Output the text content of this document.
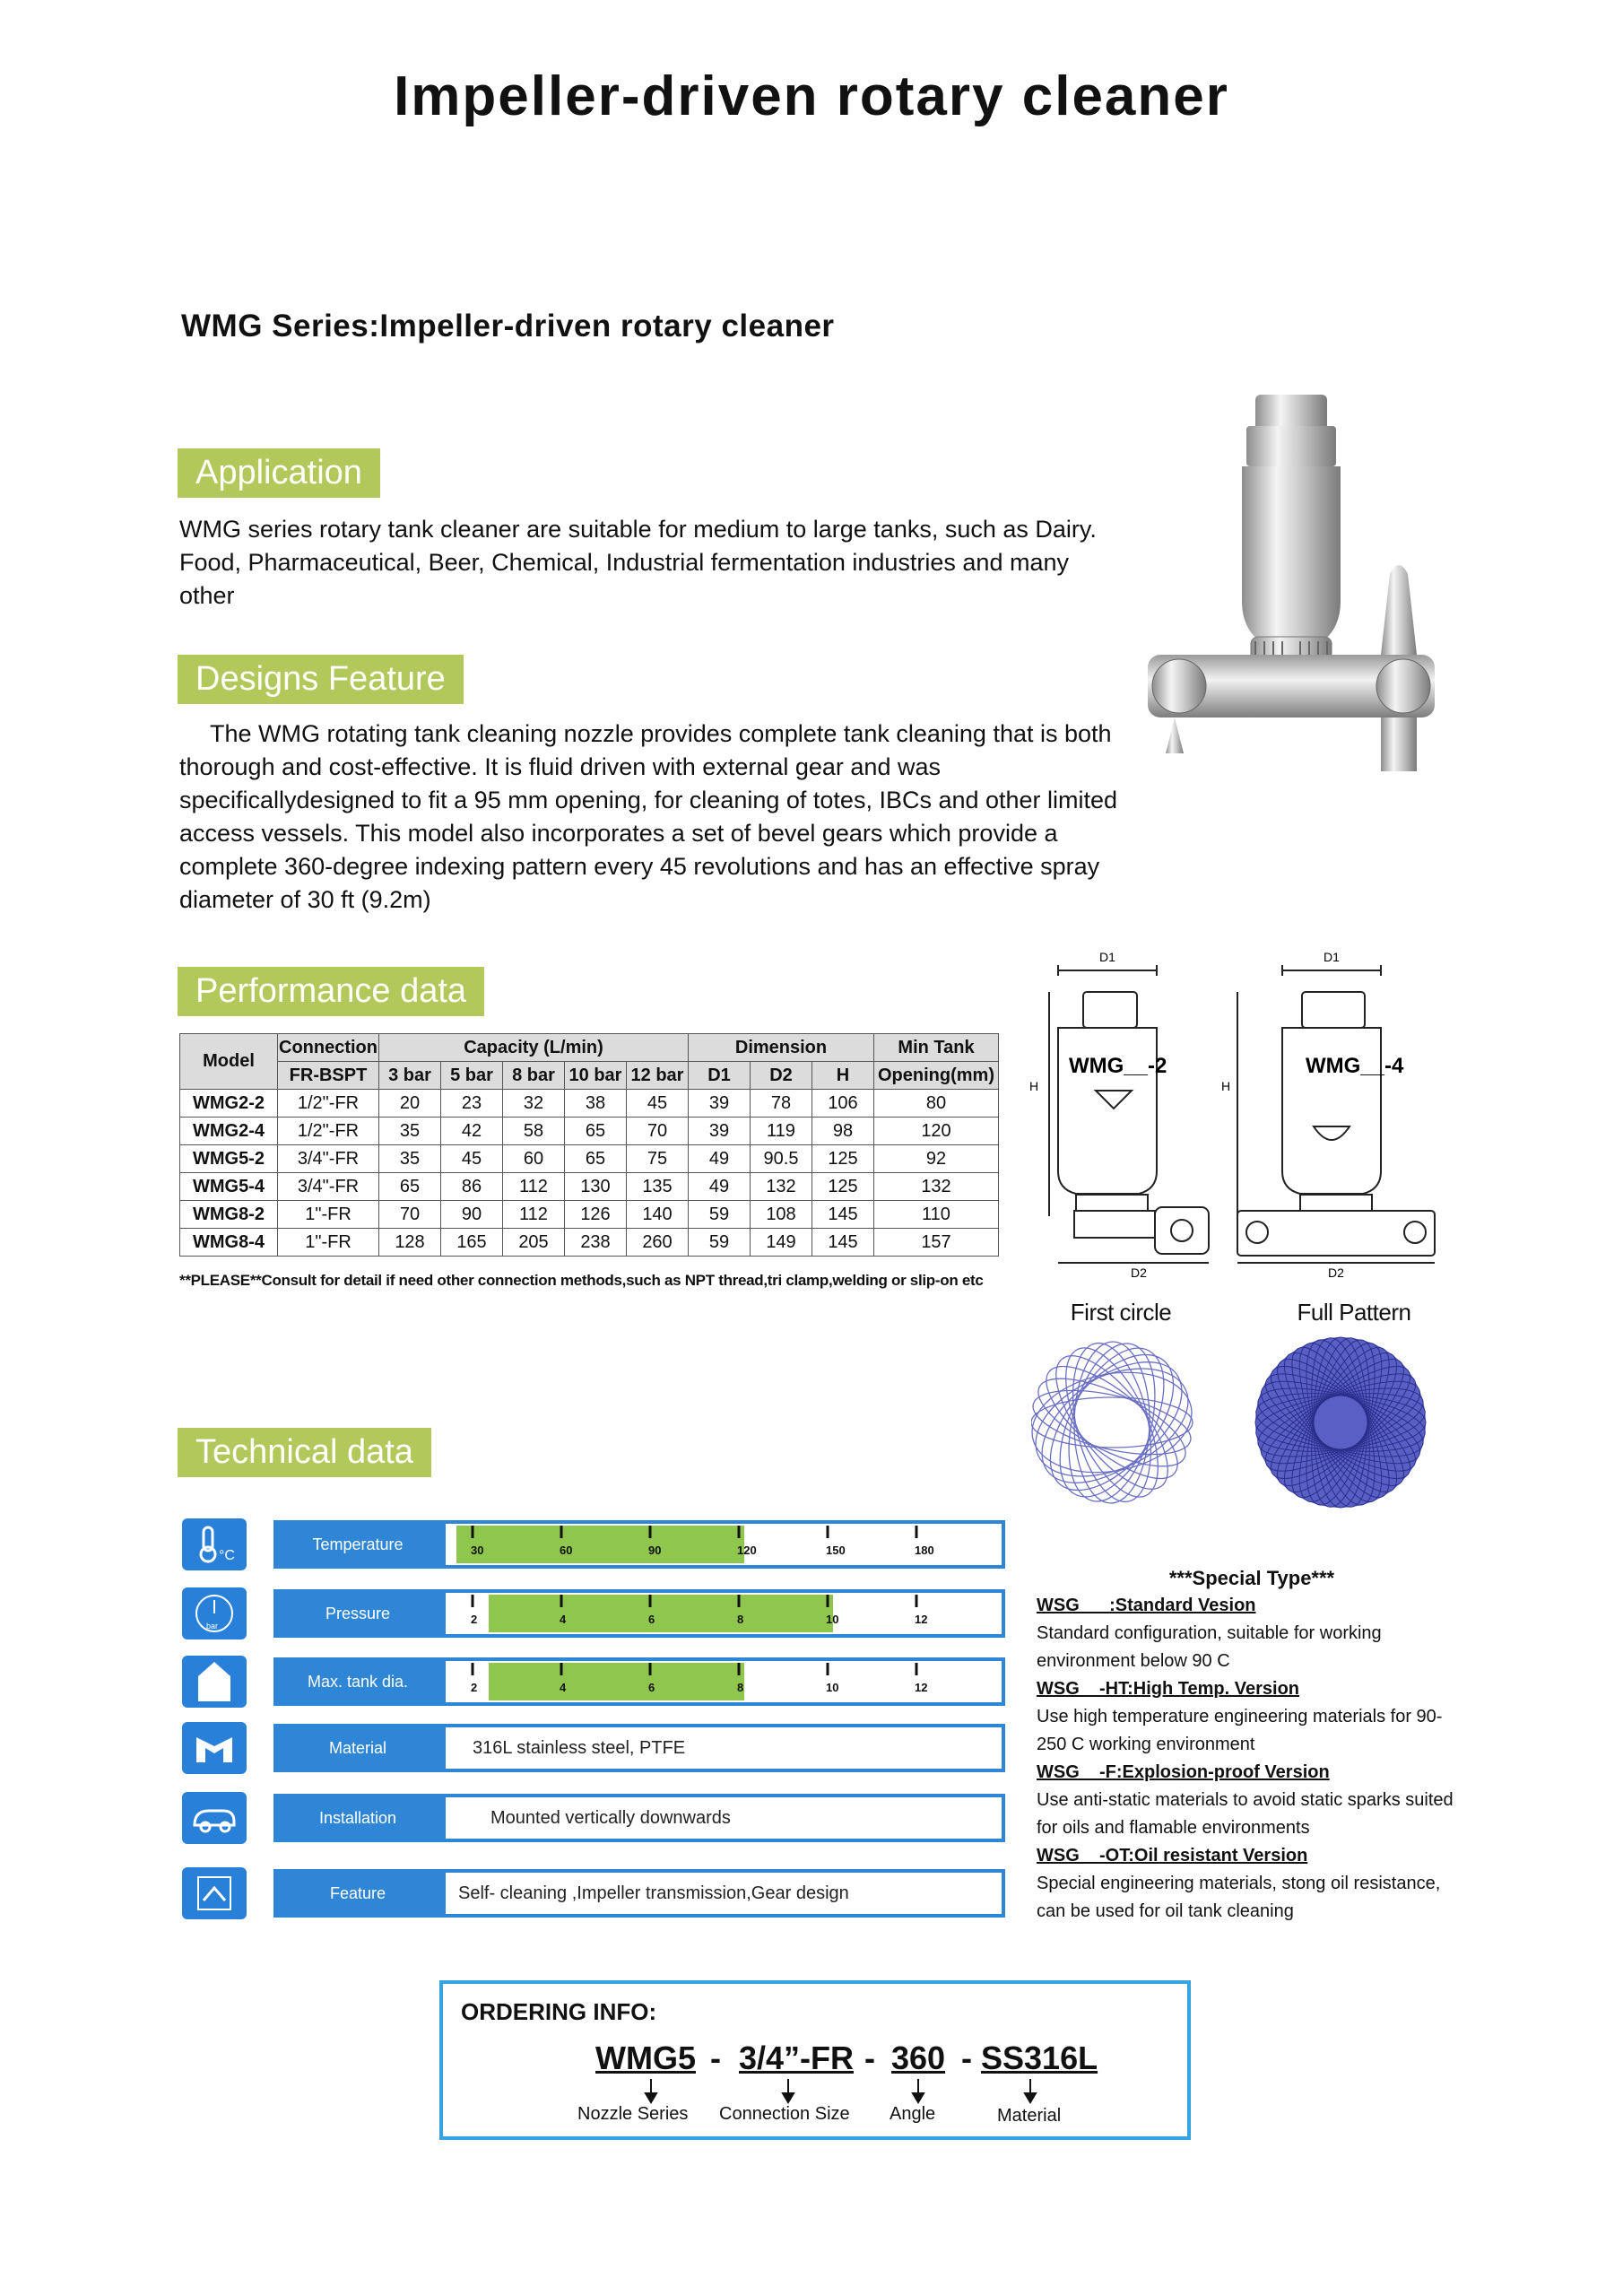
Impeller-driven rotary cleaner
WMG Series:Impeller-driven rotary cleaner
Application
WMG series rotary tank cleaner are suitable for medium to large tanks, such as Dairy. Food, Pharmaceutical, Beer, Chemical, Industrial fermentation industries and many other
Designs Feature
The WMG rotating tank cleaning nozzle provides complete tank cleaning that is both thorough and cost-effective. It is fluid driven with external gear and was specificallydesigned to fit a 95 mm opening, for cleaning of totes, IBCs and other limited access vessels. This model also incorporates a set of bevel gears which provide a complete 360-degree indexing pattern every 45 revolutions and has an effective spray diameter of 30 ft (9.2m)
Performance data
Model	Connection	Capacity (L/min)					Dimension			Min Tank
	FR-BSPT	3 bar	5 bar	8 bar	10 bar	12 bar	D1	D2	H	Opening(mm)
WMG2-2	1/2"-FR	20	23	32	38	45	39	78	106	80
WMG2-4	1/2"-FR	35	42	58	65	70	39	119	98	120
WMG5-2	3/4"-FR	35	45	60	65	75	49	90.5	125	92
WMG5-4	3/4"-FR	65	86	112	130	135	49	132	125	132
WMG8-2	1"-FR	70	90	112	126	140	59	108	145	110
WMG8-4	1"-FR	128	165	205	238	260	59	149	145	157
**PLEASE**Consult for detail if need other connection methods,such as NPT thread,tri clamp,welding or slip-on etc
D1	D1
D2	D2
H	H
WMG__-2	WMG__-4
First circle	Full Pattern
Technical data
°C
Temperature	30	60	90	120	150	180
bar
Pressure	2	4	6	8	10	12
Max. tank dia.	2	4	6	8	10	12
Material	316L stainless steel, PTFE
Installation	Mounted vertically downwards
Feature	Self- cleaning ,Impeller transmission,Gear design
***Special Type***
WSG___:Standard Vesion
Standard configuration, suitable for working environment below 90 C
WSG__-HT:High Temp. Version
Use high temperature engineering materials for 90-250 C working environment
WSG__-F:Explosion-proof Version
Use anti-static materials to avoid static sparks suited for oils and flamable environments
WSG__-OT:Oil resistant Version
Special engineering materials, stong oil resistance, can be used for oil tank cleaning
ORDERING INFO:
WMG5 - 3/4”-FR - 360 - SS316L
Nozzle Series Connection Size Angle	Material
